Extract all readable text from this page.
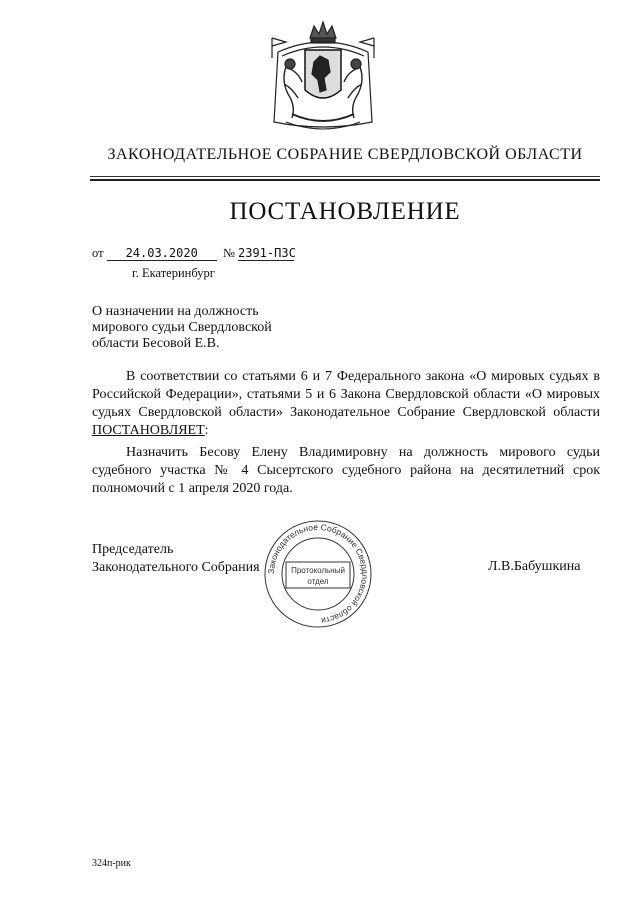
ЗАКОНОДАТЕЛЬНОЕ СОБРАНИЕ СВЕРДЛОВСКОЙ ОБЛАСТИ
ПОСТАНОВЛЕНИЕ
от 24.03.2020 № 2391-ПЗС
г. Екатеринбург
О назначении на должность
мирового судьи Свердловской
области Бесовой Е.В.
В соответствии со статьями 6 и 7 Федерального закона «О мировых судьях в Российской Федерации», статьями 5 и 6 Закона Свердловской области «О мировых судьях Свердловской области» Законодательное Собрание Свердловской области ПОСТАНОВЛЯЕТ:
Назначить Бесову Елену Владимировну на должность мирового судьи судебного участка № 4 Сысертского судебного района на десятилетний срок полномочий с 1 апреля 2020 года.
Председатель
Законодательного Собрания	Л.В.Бабушкина
Законодательное Собрание Свердловской области
Протокольный
отдел
324п-рик
